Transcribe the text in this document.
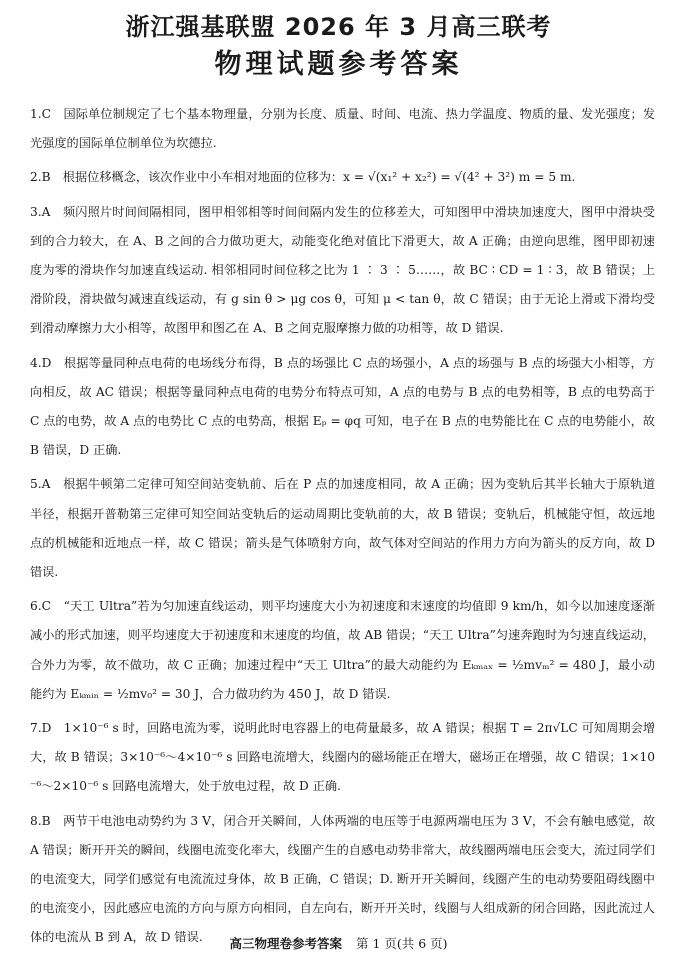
浙江强基联盟 2026 年 3 月高三联考
物理试题参考答案
1.C　 国际单位制规定了七个基本物理量，分别为长度、质量、时间、电流、热力学温度、物质的量、发光强度；发光强度的国际单位制单位为坎德拉.
2.B　 根据位移概念，该次作业中小车相对地面的位移为：x = √(x₁² + x₂²) = √(4² + 3²) m = 5 m.
3.A　 频闪照片时间间隔相同，图甲相邻相等时间间隔内发生的位移差大，可知图甲中滑块加速度大，图甲中滑块受到的合力较大，在 A、B 之间的合力做功更大，动能变化绝对值比下滑更大，故 A 正确；由逆向思维，图甲即初速度为零的滑块作匀加速直线运动. 相邻相同时间位移之比为 1 ∶ 3 ∶ 5……，故 BC ∶ CD = 1 ∶ 3，故 B 错误；上滑阶段，滑块做匀减速直线运动，有 g sin θ > μg cos θ，可知 μ < tan θ，故 C 错误；由于无论上滑或下滑均受到滑动摩擦力大小相等，故图甲和图乙在 A、B 之间克服摩擦力做的功相等，故 D 错误.
4.D　 根据等量同种点电荷的电场线分布得，B 点的场强比 C 点的场强小，A 点的场强与 B 点的场强大小相等，方向相反，故 AC 错误；根据等量同种点电荷的电势分布特点可知，A 点的电势与 B 点的电势相等，B 点的电势高于 C 点的电势，故 A 点的电势比 C 点的电势高，根据 Eₚ = φq 可知，电子在 B 点的电势能比在 C 点的电势能小，故 B 错误，D 正确.
5.A　 根据牛顿第二定律可知空间站变轨前、后在 P 点的加速度相同，故 A 正确；因为变轨后其半长轴大于原轨道半径，根据开普勒第三定律可知空间站变轨后的运动周期比变轨前的大，故 B 错误；变轨后，机械能守恒，故远地点的机械能和近地点一样，故 C 错误；箭头是气体喷射方向，故气体对空间站的作用力方向为箭头的反方向，故 D 错误.
6.C　 “天工 Ultra”若为匀加速直线运动，则平均速度大小为初速度和末速度的均值即 9 km/h，如今以加速度逐渐减小的形式加速，则平均速度大于初速度和末速度的均值，故 AB 错误；“天工 Ultra”匀速奔跑时为匀速直线运动，合外力为零，故不做功，故 C 正确；加速过程中“天工 Ultra”的最大动能约为 Eₖₘₐₓ = ½mvₘ² = 480 J，最小动能约为 Eₖₘᵢₙ = ½mv₀² = 30 J，合力做功约为 450 J，故 D 错误.
7.D　 1×10⁻⁶ s 时，回路电流为零，说明此时电容器上的电荷量最多，故 A 错误；根据 T = 2π√LC 可知周期会增大，故 B 错误；3×10⁻⁶～4×10⁻⁶ s 回路电流增大，线圈内的磁场能正在增大，磁场正在增强，故 C 错误；1×10⁻⁶～2×10⁻⁶ s 回路电流增大，处于放电过程，故 D 正确.
8.B　 两节干电池电动势约为 3 V，闭合开关瞬间，人体两端的电压等于电源两端电压为 3 V，不会有触电感觉，故 A 错误；断开开关的瞬间，线圈电流变化率大，线圈产生的自感电动势非常大，故线圈两端电压会变大，流过同学们的电流变大，同学们感觉有电流流过身体，故 B 正确，C 错误；D. 断开开关瞬间，线圈产生的电动势要阻碍线圈中的电流变小，因此感应电流的方向与原方向相同，自左向右，断开开关时，线圈与人组成新的闭合回路，因此流过人体的电流从 B 到 A，故 D 错误.	高三物理卷参考答案 第 1 页(共 6 页)
